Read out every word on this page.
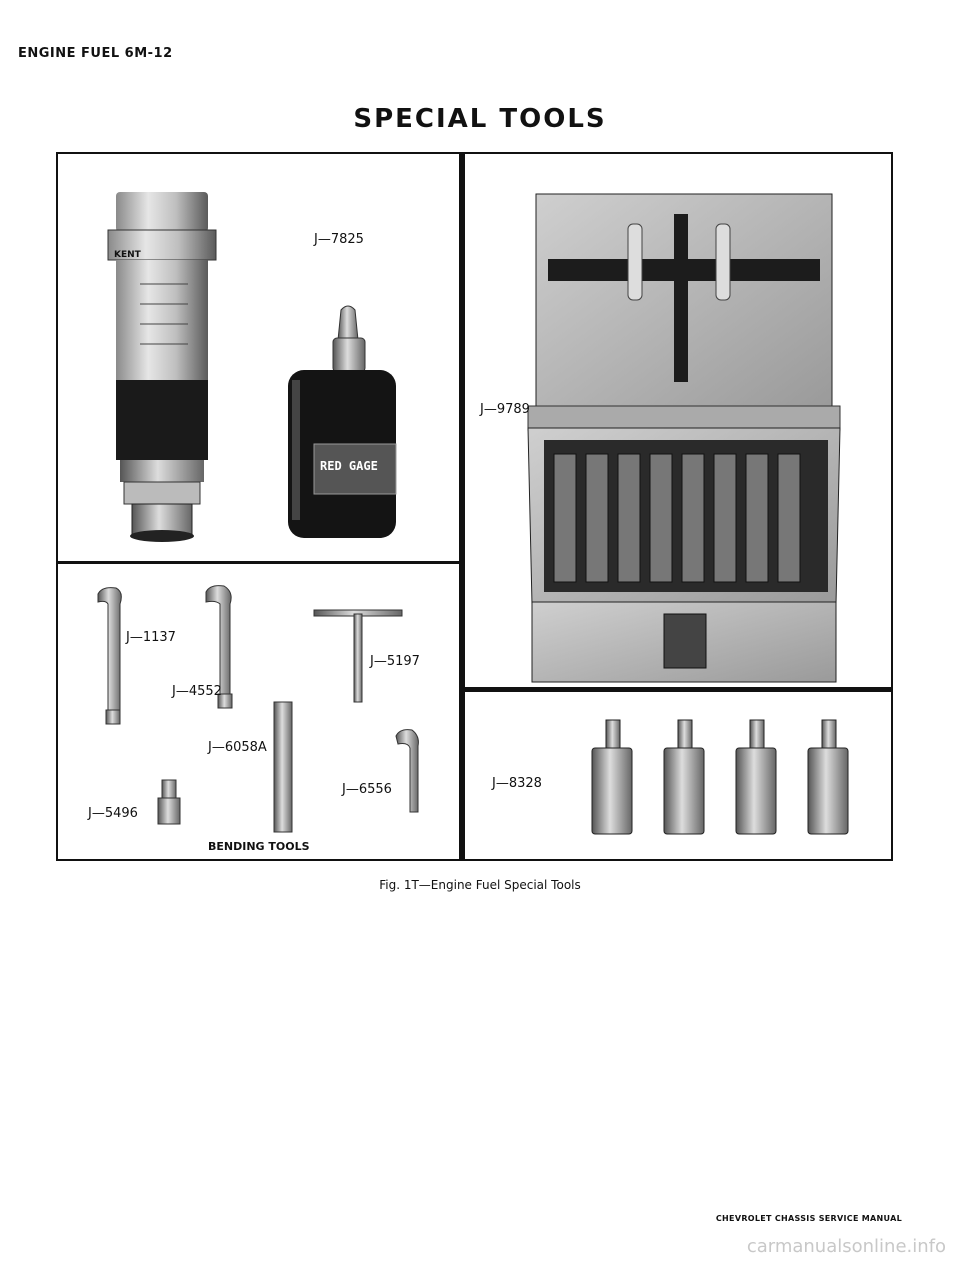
ENGINE FUEL 6M-12
SPECIAL TOOLS
RED GAGE
KENT
J—7825
J—9789
J—1137
J—4552
J—5197
J—6058A
J—5496
J—6556	J—8328
BENDING TOOLS
Fig. 1T—Engine Fuel Special Tools
CHEVROLET CHASSIS SERVICE MANUAL
carmanualsonline.info
